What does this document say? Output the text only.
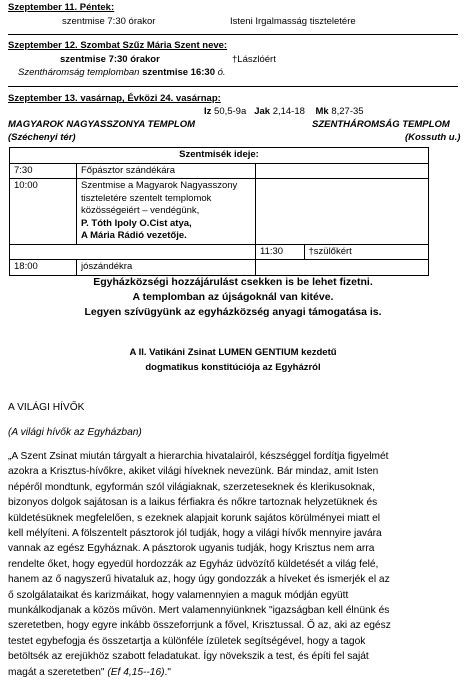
Szeptember 11. Péntek:
szentmise 7:30 órakor	Isteni Irgalmasság tiszteletére
Szeptember 12. Szombat Szűz Mária Szent neve:
szentmise 7:30 órakor	†Lászlóért
Szentháromság templomban szentmise 16:30 ó.
Szeptember 13. vasárnap, Évközi 24. vasárnap:
Iz 50,5-9a Jak 2,14-18 Mk 8,27-35
MAGYAROK NAGYASSZONYA TEMPLOM
(Széchenyi tér)
SZENTHÁROMSÁG TEMPLOM
(Kossuth u.)
Szentmisék ideje:			
7:30	Főpásztor szándékára		
10:00	Szentmise a Magyarok Nagyasszony
tiszteletére szentelt templomok
közösségeiért – vendégünk,
P. Tóth Ipoly O.Cist atya,
A Mária Rádió vezetője.		

		11:30	†szülőkért
18:00	jószándékra		
Egyházközségi hozzájárulást csekken is be lehet fizetni.
A templomban az újságoknál van kitéve.
Legyen szívügyünk az egyházközség anyagi támogatása is.
A II. Vatikáni Zsinat LUMEN GENTIUM kezdetű
dogmatikus konstitúciója az Egyházról
A VILÁGI HÍVŐK
(A világi hívők az Egyházban)
„A Szent Zsinat miután tárgyalt a hierarchia hivatalairól, készséggel fordítja figyelmét
azokra a Krisztus-hívőkre, akiket világi híveknek nevezünk. Bár mindaz, amit Isten
népéről mondtunk, egyformán szól világiaknak, szerzeteseknek és klerikusoknak,
bizonyos dolgok sajátosan is a laikus férfiakra és nőkre tartoznak helyzetüknek és
küldetésüknek megfelelően, s ezeknek alapjait korunk sajátos körülményei miatt el
kell mélyíteni. A fölszentelt pásztorok jól tudják, hogy a világi hívők mennyire javára
vannak az egész Egyháznak. A pásztorok ugyanis tudják, hogy Krisztus nem arra
rendelte őket, hogy egyedül hordozzák az Egyház üdvözítő küldetését a világ felé,
hanem az ő nagyszerű hivataluk az, hogy úgy gondozzák a híveket és ismerjék el az
ő szolgálataikat és karizmáikat, hogy valamennyien a maguk módján együtt
munkálkodjanak a közös művön. Mert valamennyiünknek "igazságban kell élnünk és
szeretetben, hogy egyre inkább összeforrjunk a fővel, Krisztussal. Ő az, aki az egész
testet egybefogja és összetartja a különféle ízületek segítségével, hogy a tagok
betöltsék az erejükhöz szabott feladatukat. Így növekszik a test, és építi fel saját
magát a szeretetben" (Ef 4,15--16)."
